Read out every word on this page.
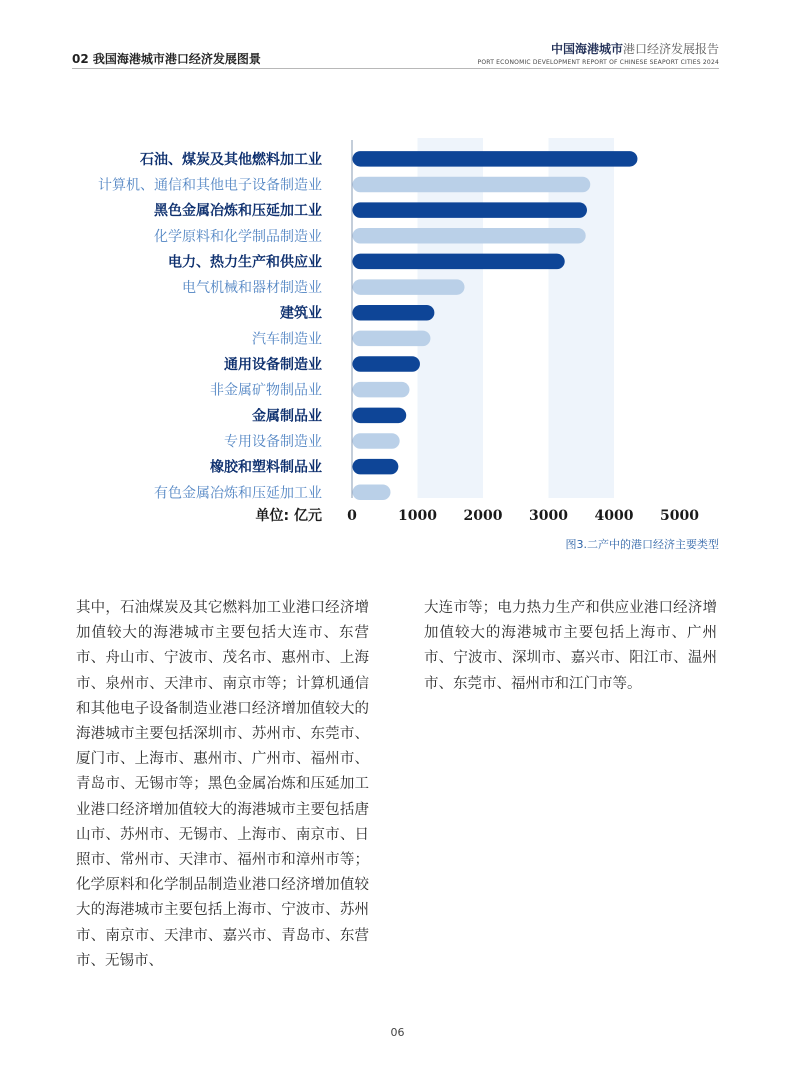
02 我国海港城市港口经济发展图景
中国海港城市港口经济发展报告
PORT ECONOMIC DEVELOPMENT REPORT OF CHINESE SEAPORT CITIES 2024
石油、煤炭及其他燃料加工业
计算机、通信和其他电子设备制造业
黑色金属冶炼和压延加工业
化学原料和化学制品制造业
电力、热力生产和供应业
电气机械和器材制造业
建筑业
汽车制造业
通用设备制造业
非金属矿物制品业
金属制品业
专用设备制造业
橡胶和塑料制品业
有色金属冶炼和压延加工业
0	1000 2000 3000 4000 5000
单位: 亿元
图3.二产中的港口经济主要类型
其中，石油煤炭及其它燃料加工业港口经济增加值较大的海港城市主要包括大连市、东营市、舟山市、宁波市、茂名市、惠州市、上海市、泉州市、天津市、南京市等；计算机通信和其他电子设备制造业港口经济增加值较大的海港城市主要包括深圳市、苏州市、东莞市、厦门市、上海市、惠州市、广州市、福州市、青岛市、无锡市等；黑色金属冶炼和压延加工业港口经济增加值较大的海港城市主要包括唐山市、苏州市、无锡市、上海市、南京市、日照市、常州市、天津市、福州市和漳州市等；化学原料和化学制品制造业港口经济增加值较大的海港城市主要包括上海市、宁波市、苏州市、南京市、天津市、嘉兴市、青岛市、东营市、无锡市、
大连市等；电力热力生产和供应业港口经济增加值较大的海港城市主要包括上海市、广州市、宁波市、深圳市、嘉兴市、阳江市、温州市、东莞市、福州市和江门市等。
06
